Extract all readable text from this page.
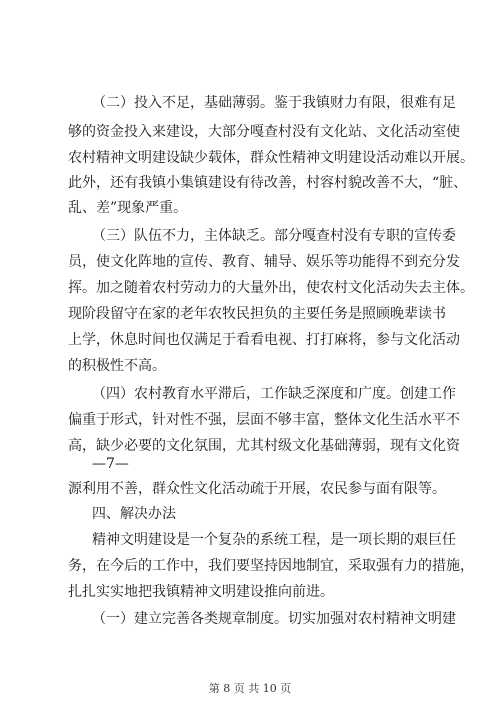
（二）投入不足，基础薄弱。鉴于我镇财力有限，很难有足
够的资金投入来建设，大部分嘎查村没有文化站、文化活动室使
农村精神文明建设缺少载体，群众性精神文明建设活动难以开展。
此外，还有我镇小集镇建设有待改善，村容村貌改善不大，“脏、
乱、差”现象严重。
（三）队伍不力，主体缺乏。部分嘎查村没有专职的宣传委
员，使文化阵地的宣传、教育、辅导、娱乐等功能得不到充分发
挥。加之随着农村劳动力的大量外出，使农村文化活动失去主体。
现阶段留守在家的老年农牧民担负的主要任务是照顾晚辈读书
上学，休息时间也仅满足于看看电视、打打麻将，参与文化活动
的积极性不高。
（四）农村教育水平滞后，工作缺乏深度和广度。创建工作
偏重于形式，针对性不强，层面不够丰富，整体文化生活水平不
高，缺少必要的文化氛围，尤其村级文化基础薄弱，现有文化资
—7—
源利用不善，群众性文化活动疏于开展，农民参与面有限等。
四、解决办法
精神文明建设是一个复杂的系统工程，是一项长期的艰巨任
务，在今后的工作中，我们要坚持因地制宜，采取强有力的措施，
扎扎实实地把我镇精神文明建设推向前进。
（一）建立完善各类规章制度。切实加强对农村精神文明建
第 8 页 共 10 页
